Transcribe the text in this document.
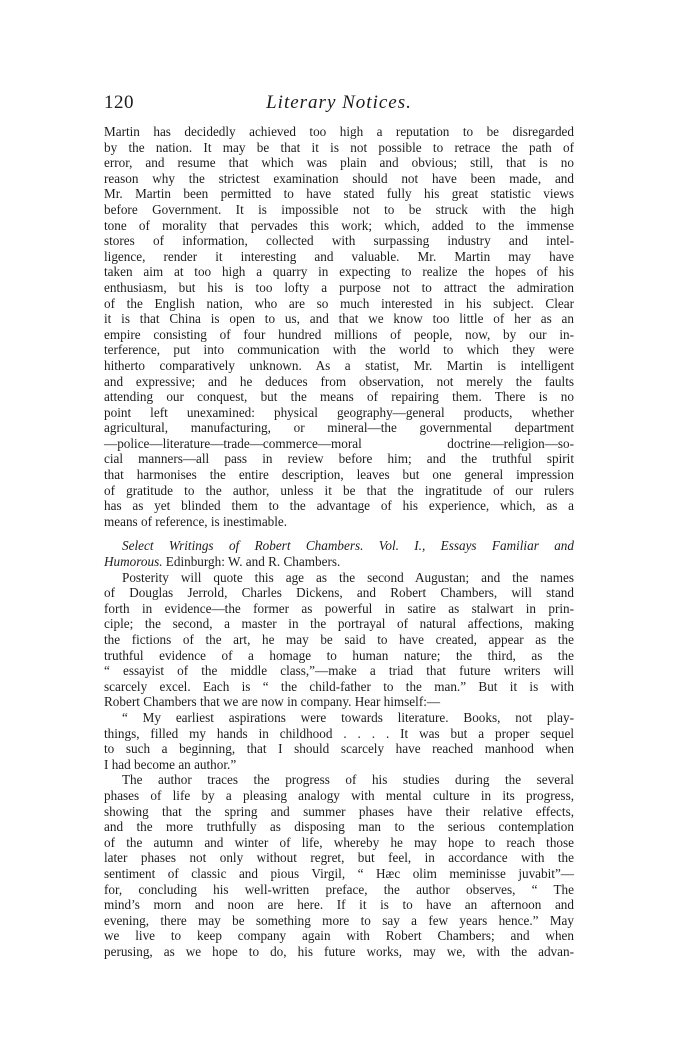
120	Literary Notices.
Martin has decidedly achieved too high a reputation to be disregarded
by the nation. It may be that it is not possible to retrace the path of
error, and resume that which was plain and obvious; still, that is no
reason why the strictest examination should not have been made, and
Mr. Martin been permitted to have stated fully his great statistic views
before Government. It is impossible not to be struck with the high
tone of morality that pervades this work; which, added to the immense
stores of information, collected with surpassing industry and intel-
ligence, render it interesting and valuable. Mr. Martin may have
taken aim at too high a quarry in expecting to realize the hopes of his
enthusiasm, but his is too lofty a purpose not to attract the admiration
of the English nation, who are so much interested in his subject. Clear
it is that China is open to us, and that we know too little of her as an
empire consisting of four hundred millions of people, now, by our in-
terference, put into communication with the world to which they were
hitherto comparatively unknown. As a statist, Mr. Martin is intelligent
and expressive; and he deduces from observation, not merely the faults
attending our conquest, but the means of repairing them. There is no
point left unexamined: physical geography—general products, whether
agricultural, manufacturing, or mineral—the governmental department
—police—literature—trade—commerce—moral doctrine—religion—so-
cial manners—all pass in review before him; and the truthful spirit
that harmonises the entire description, leaves but one general impression
of gratitude to the author, unless it be that the ingratitude of our rulers
has as yet blinded them to the advantage of his experience, which, as a
means of reference, is inestimable.
Select Writings of Robert Chambers. Vol. I., Essays Familiar and
Humorous. Edinburgh: W. and R. Chambers.
Posterity will quote this age as the second Augustan; and the names
of Douglas Jerrold, Charles Dickens, and Robert Chambers, will stand
forth in evidence—the former as powerful in satire as stalwart in prin-
ciple; the second, a master in the portrayal of natural affections, making
the fictions of the art, he may be said to have created, appear as the
truthful evidence of a homage to human nature; the third, as the
“ essayist of the middle class,”—make a triad that future writers will
scarcely excel. Each is “ the child-father to the man.” But it is with
Robert Chambers that we are now in company. Hear himself:—
“ My earliest aspirations were towards literature. Books, not play-
things, filled my hands in childhood . . . . It was but a proper sequel
to such a beginning, that I should scarcely have reached manhood when
I had become an author.”
The author traces the progress of his studies during the several
phases of life by a pleasing analogy with mental culture in its progress,
showing that the spring and summer phases have their relative effects,
and the more truthfully as disposing man to the serious contemplation
of the autumn and winter of life, whereby he may hope to reach those
later phases not only without regret, but feel, in accordance with the
sentiment of classic and pious Virgil, “ Hæc olim meminisse juvabit”—
for, concluding his well-written preface, the author observes, “ The
mind’s morn and noon are here. If it is to have an afternoon and
evening, there may be something more to say a few years hence.” May
we live to keep company again with Robert Chambers; and when
perusing, as we hope to do, his future works, may we, with the advan-
